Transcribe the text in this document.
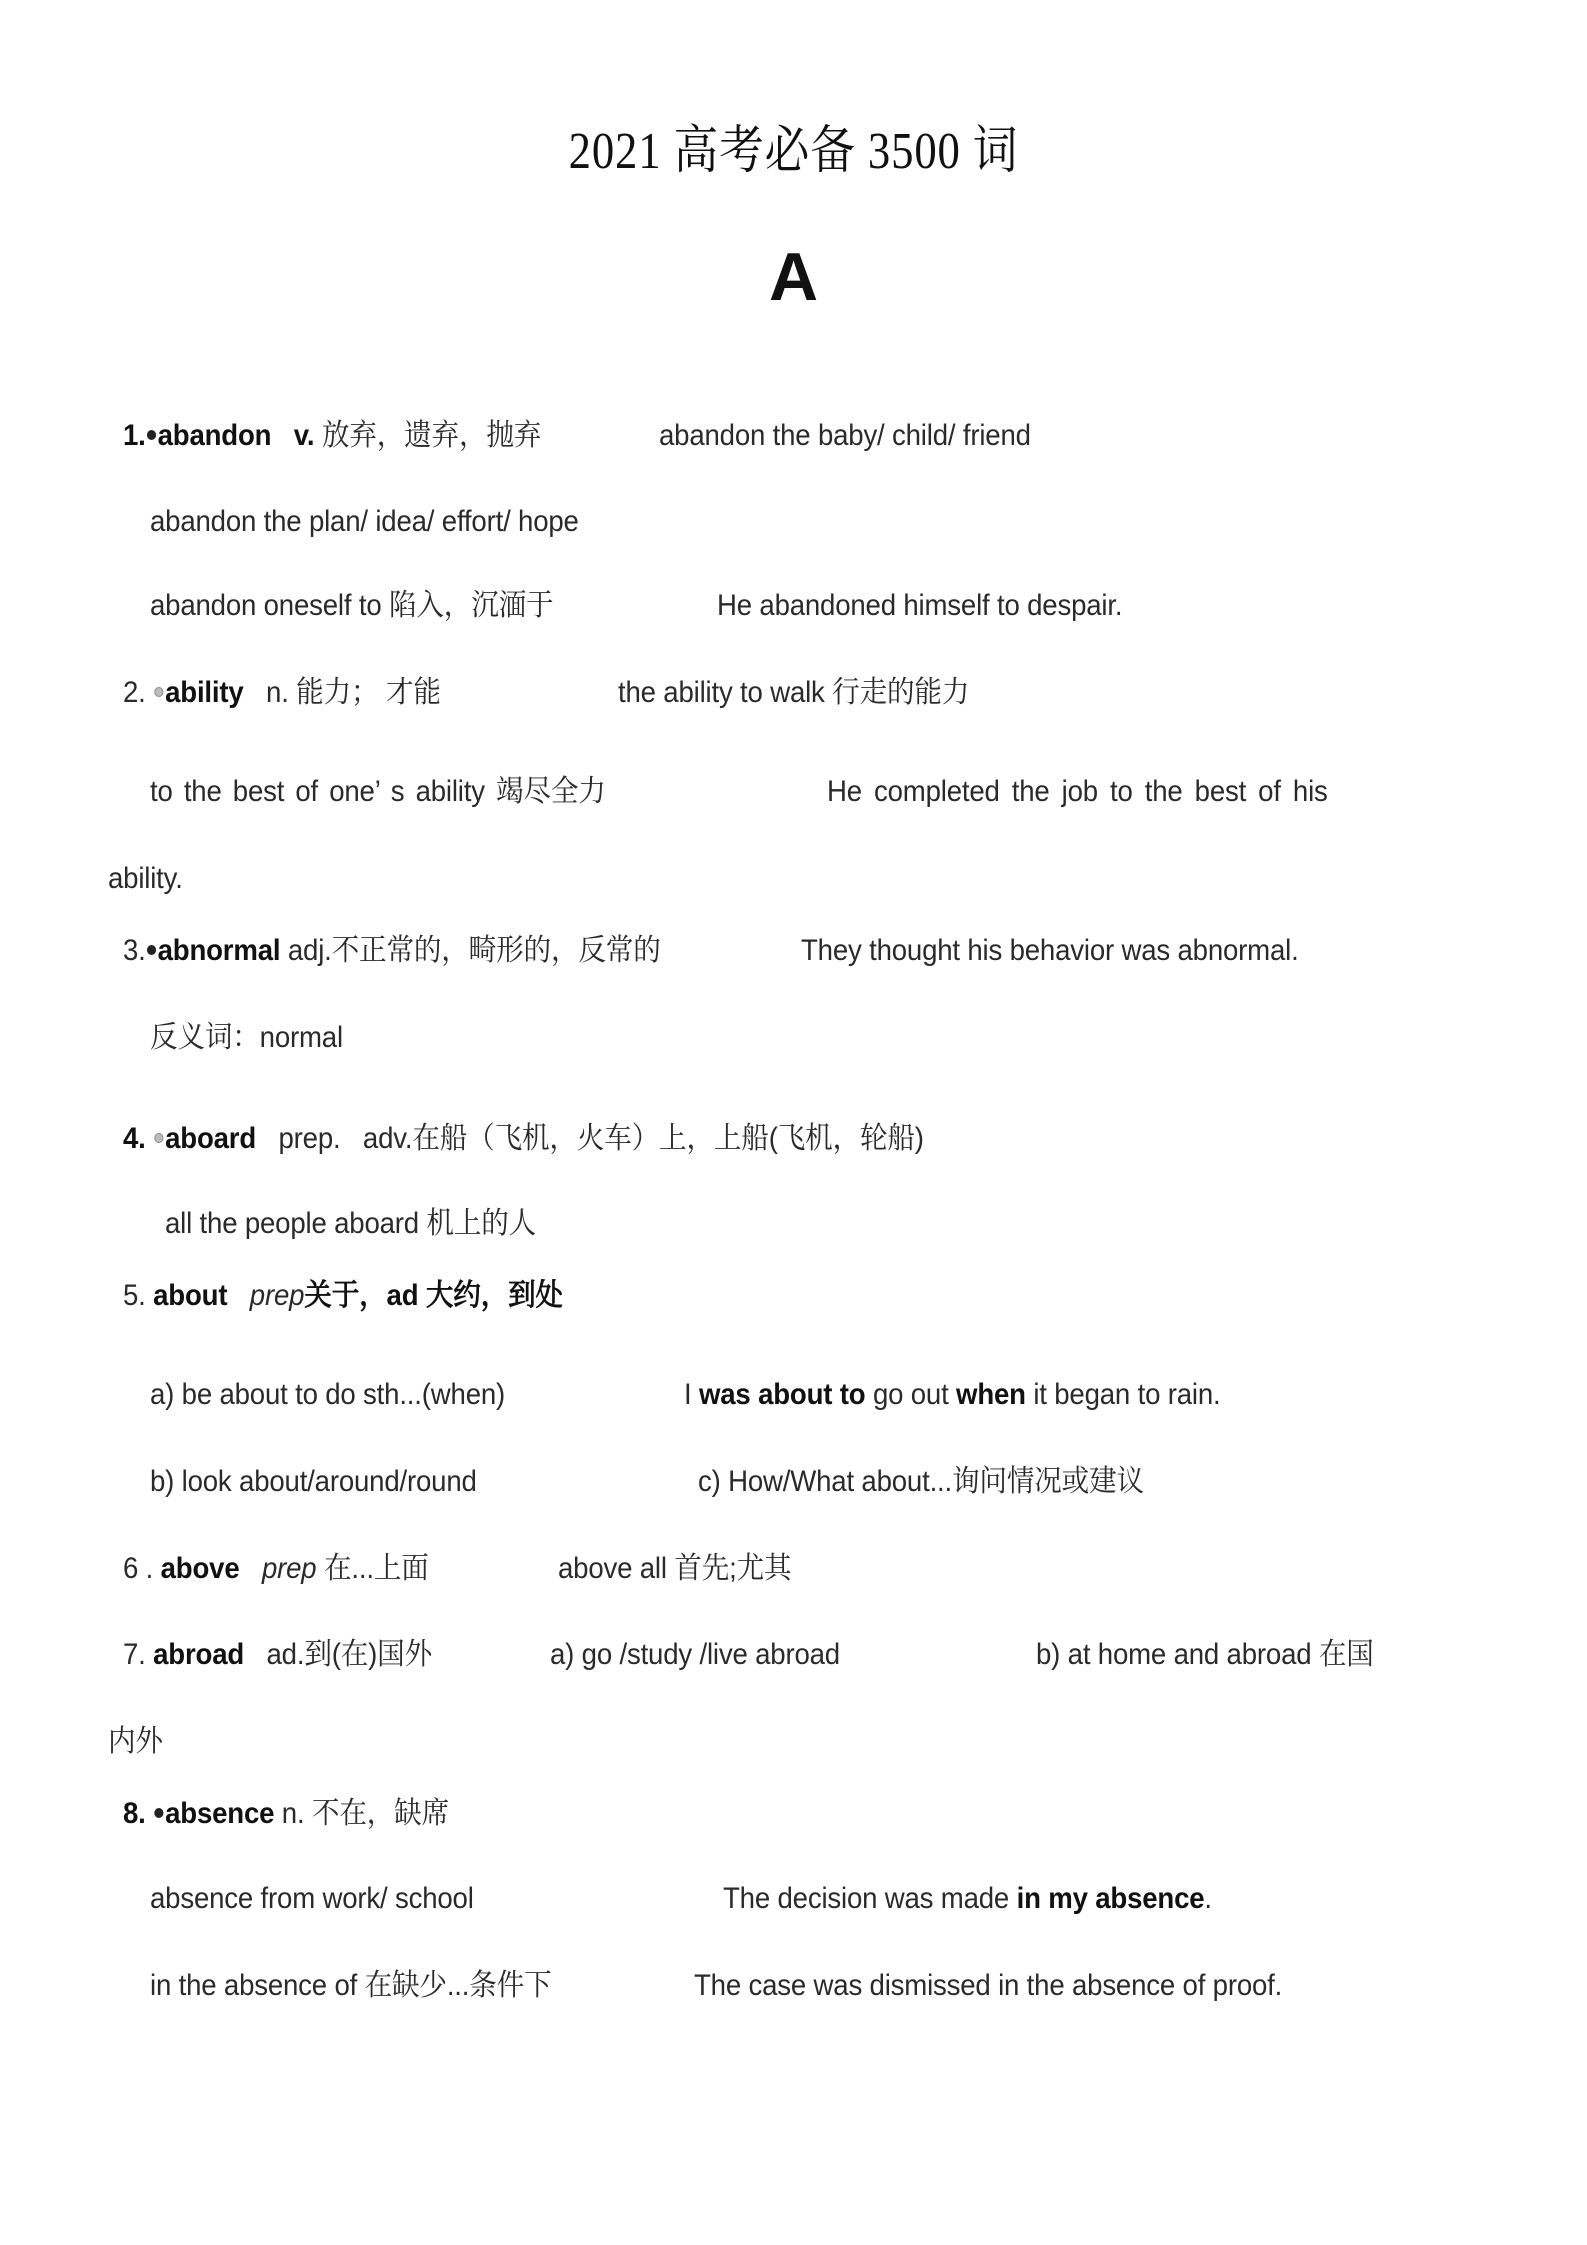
2021 高考必备 3500 词
A
1. abandon v. 放弃，遗弃，抛弃	abandon the baby/ child/ friend
abandon the plan/ idea/ effort/ hope
abandon oneself to 陷入，沉湎于	He abandoned himself to despair.
2. ability n. 能力； 才能	the ability to walk 行走的能力
to the best of one’ s ability 竭尽全力	He completed the job to the best of his
ability.
3. abnormal adj.不正常的，畸形的，反常的	They thought his behavior was abnormal.
反义词：normal
4. aboard prep. adv.在船（飞机，火车）上，上船(飞机，轮船)
all the people aboard 机上的人
5. about prep关于，ad 大约，到处
a) be about to do sth...(when)	I was about to go out when it began to rain.
b) look about/around/round	c) How/What about...询问情况或建议
6 . above prep 在...上面	above all 首先;尤其
7. abroad ad.到(在)国外	a) go /study /live abroad	b) at home and abroad 在国
内外
8. absence n. 不在，缺席
absence from work/ school	The decision was made in my absence.
in the absence of 在缺少...条件下	The case was dismissed in the absence of proof.
